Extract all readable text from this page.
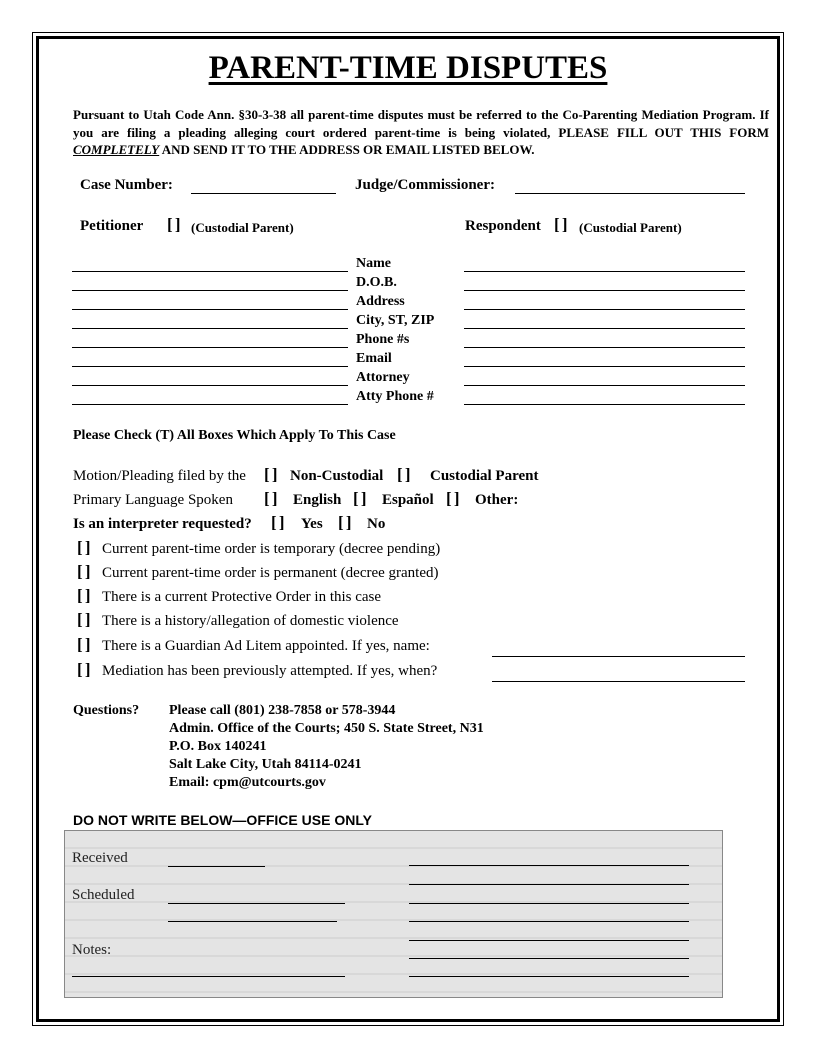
PARENT-TIME DISPUTES
Pursuant to Utah Code Ann. §30-3-38 all parent-time disputes must be referred to the Co-Parenting Mediation Program. If you are filing a pleading alleging court ordered parent-time is being violated, PLEASE FILL OUT THIS FORM COMPLETELY AND SEND IT TO THE ADDRESS OR EMAIL LISTED BELOW.
Case Number:	Judge/Commissioner:
Petitioner [ ] (Custodial Parent)	Respondent [ ] (Custodial Parent)
Name
D.O.B.
Address
City, ST, ZIP
Phone #s
Email
Attorney
Atty Phone #
Please Check (T) All Boxes Which Apply To This Case
Motion/Pleading filed by the [ ] Non-Custodial [ ] Custodial Parent
Primary Language Spoken [ ] English [ ] Español [ ] Other:
Is an interpreter requested? [ ] Yes [ ] No
[ ] Current parent-time order is temporary (decree pending)
[ ] Current parent-time order is permanent (decree granted)
[ ] There is a current Protective Order in this case
[ ] There is a history/allegation of domestic violence
[ ] There is a Guardian Ad Litem appointed. If yes, name:
[ ] Mediation has been previously attempted. If yes, when?
Questions? Please call (801) 238-7858 or 578-3944
Admin. Office of the Courts; 450 S. State Street, N31
P.O. Box 140241
Salt Lake City, Utah 84114-0241
Email: cpm@utcourts.gov
DO NOT WRITE BELOW—OFFICE USE ONLY
Received
Scheduled
Notes:
